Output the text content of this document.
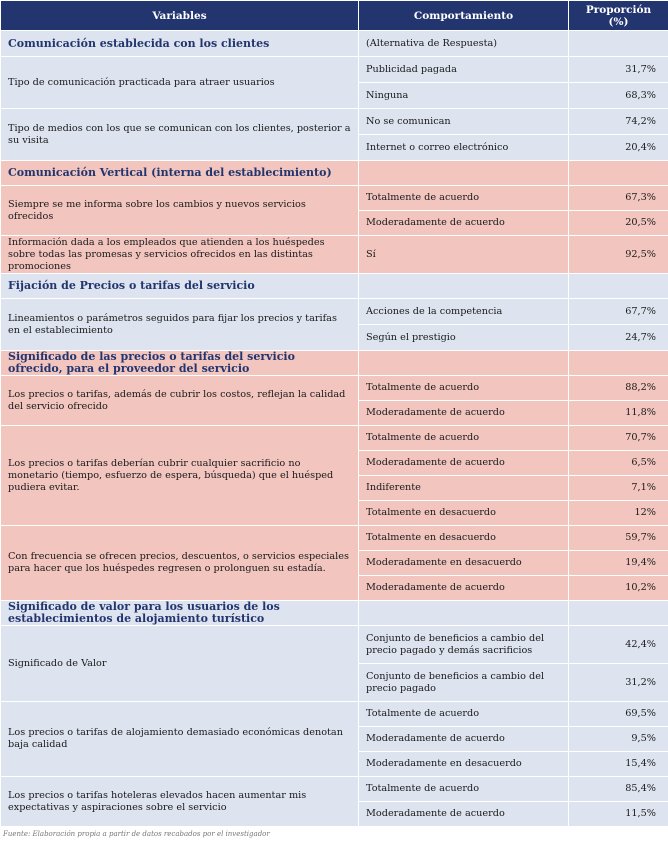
Variables	Comportamiento	Proporción (%)
Comunicación establecida con los clientes	(Alternativa de Respuesta)	
Tipo de comunicación practicada para atraer usuarios	Publicidad pagada	31,7%
	Ninguna	68,3%
Tipo de medios con los que se comunican con los clientes, posterior a su visita	No se comunican	74,2%
	Internet o correo electrónico	20,4%
Comunicación Vertical (interna del establecimiento)		
Siempre se me informa sobre los cambios y nuevos servicios ofrecidos	Totalmente de acuerdo	67,3%
	Moderadamente de acuerdo	20,5%
Información dada a los empleados que atienden a los huéspedes sobre todas las promesas y servicios ofrecidos en las distintas promociones	Sí	92,5%
Fijación de Precios o tarifas del servicio		
Lineamientos o parámetros seguidos para fijar los precios y tarifas en el establecimiento	Acciones de la competencia	67,7%
	Según el prestigio	24,7%
Significado de las precios o tarifas del servicio ofrecido, para el proveedor del servicio		
Los precios o tarifas, además de cubrir los costos, reflejan la calidad del servicio ofrecido	Totalmente de acuerdo	88,2%
	Moderadamente de acuerdo	11,8%
Los precios o tarifas deberían cubrir cualquier sacrificio no monetario (tiempo, esfuerzo de espera, búsqueda) que el huésped pudiera evitar.	Totalmente de acuerdo	70,7%
	Moderadamente de acuerdo	6,5%
	Indiferente	7,1%
	Totalmente en desacuerdo	12%
Con frecuencia se ofrecen precios, descuentos, o servicios especiales para hacer que los huéspedes regresen o prolonguen su estadía.	Totalmente en desacuerdo	59,7%
	Moderadamente en desacuerdo	19,4%
	Moderadamente de acuerdo	10,2%
Significado de valor para los usuarios de los establecimientos de alojamiento turístico		
Significado de Valor	Conjunto de beneficios a cambio del precio pagado y demás sacrificios	42,4%
	Conjunto de beneficios a cambio del precio pagado	31,2%
Los precios o tarifas de alojamiento demasiado económicas denotan baja calidad	Totalmente de acuerdo	69,5%
	Moderadamente de acuerdo	9,5%
	Moderadamente en desacuerdo	15,4%
Los precios o tarifas hoteleras elevados hacen aumentar mis expectativas y aspiraciones sobre el servicio	Totalmente de acuerdo	85,4%
	Moderadamente de acuerdo	11,5%
Fuente: Elaboración propia a partir de datos recabados por el investigador
